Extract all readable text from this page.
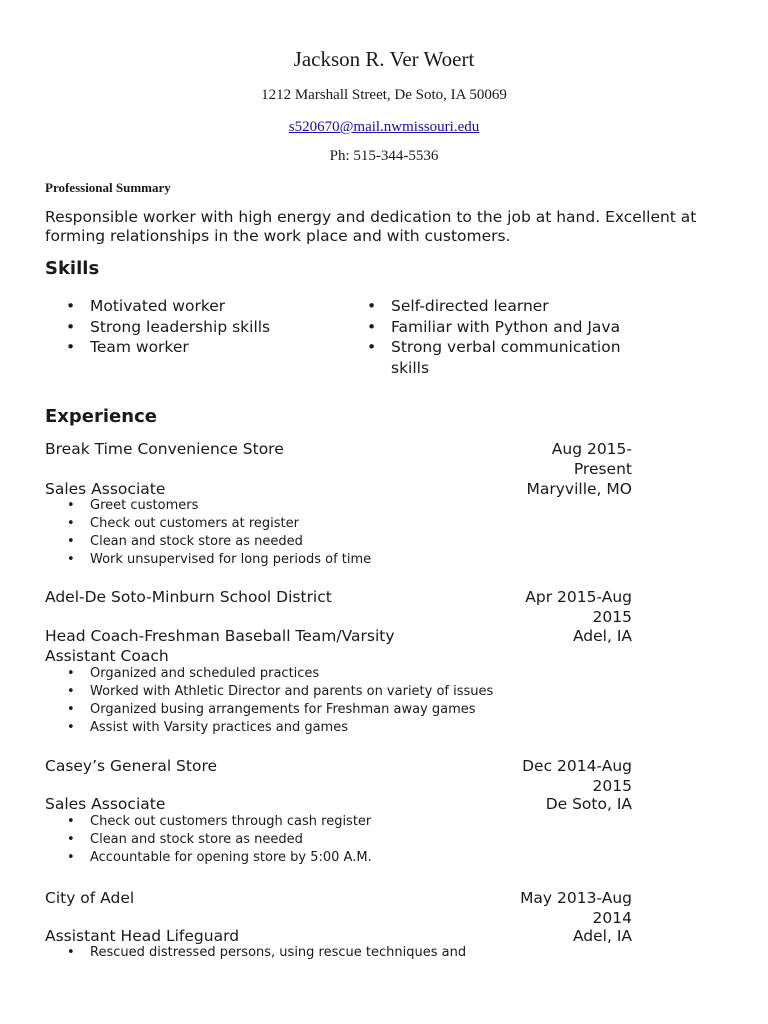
Jackson R. Ver Woert
1212 Marshall Street, De Soto, IA 50069
s520670@mail.nwmissouri.edu
Ph: 515-344-5536
Professional Summary
Responsible worker with high energy and dedication to the job at hand. Excellent at forming relationships in the work place and with customers.
Skills
• Motivated worker
• Strong leadership skills
• Team worker
• Self-directed learner
• Familiar with Python and Java
• Strong verbal communication skills
Experience
Break Time Convenience Store	Aug 2015-Present
Sales Associate	Maryville, MO
• Greet customers
• Check out customers at register
• Clean and stock store as needed
• Work unsupervised for long periods of time
Adel-De Soto-Minburn School District	Apr 2015-Aug 2015
Head Coach-Freshman Baseball Team/Varsity Assistant Coach
Adel, IA
• Organized and scheduled practices
• Worked with Athletic Director and parents on variety of issues
• Organized busing arrangements for Freshman away games
• Assist with Varsity practices and games
Casey’s General Store	Dec 2014-Aug 2015
Sales Associate	De Soto, IA
• Check out customers through cash register
• Clean and stock store as needed
• Accountable for opening store by 5:00 A.M.
City of Adel	May 2013-Aug 2014
Assistant Head Lifeguard	Adel, IA
• Rescued distressed persons, using rescue techniques and
